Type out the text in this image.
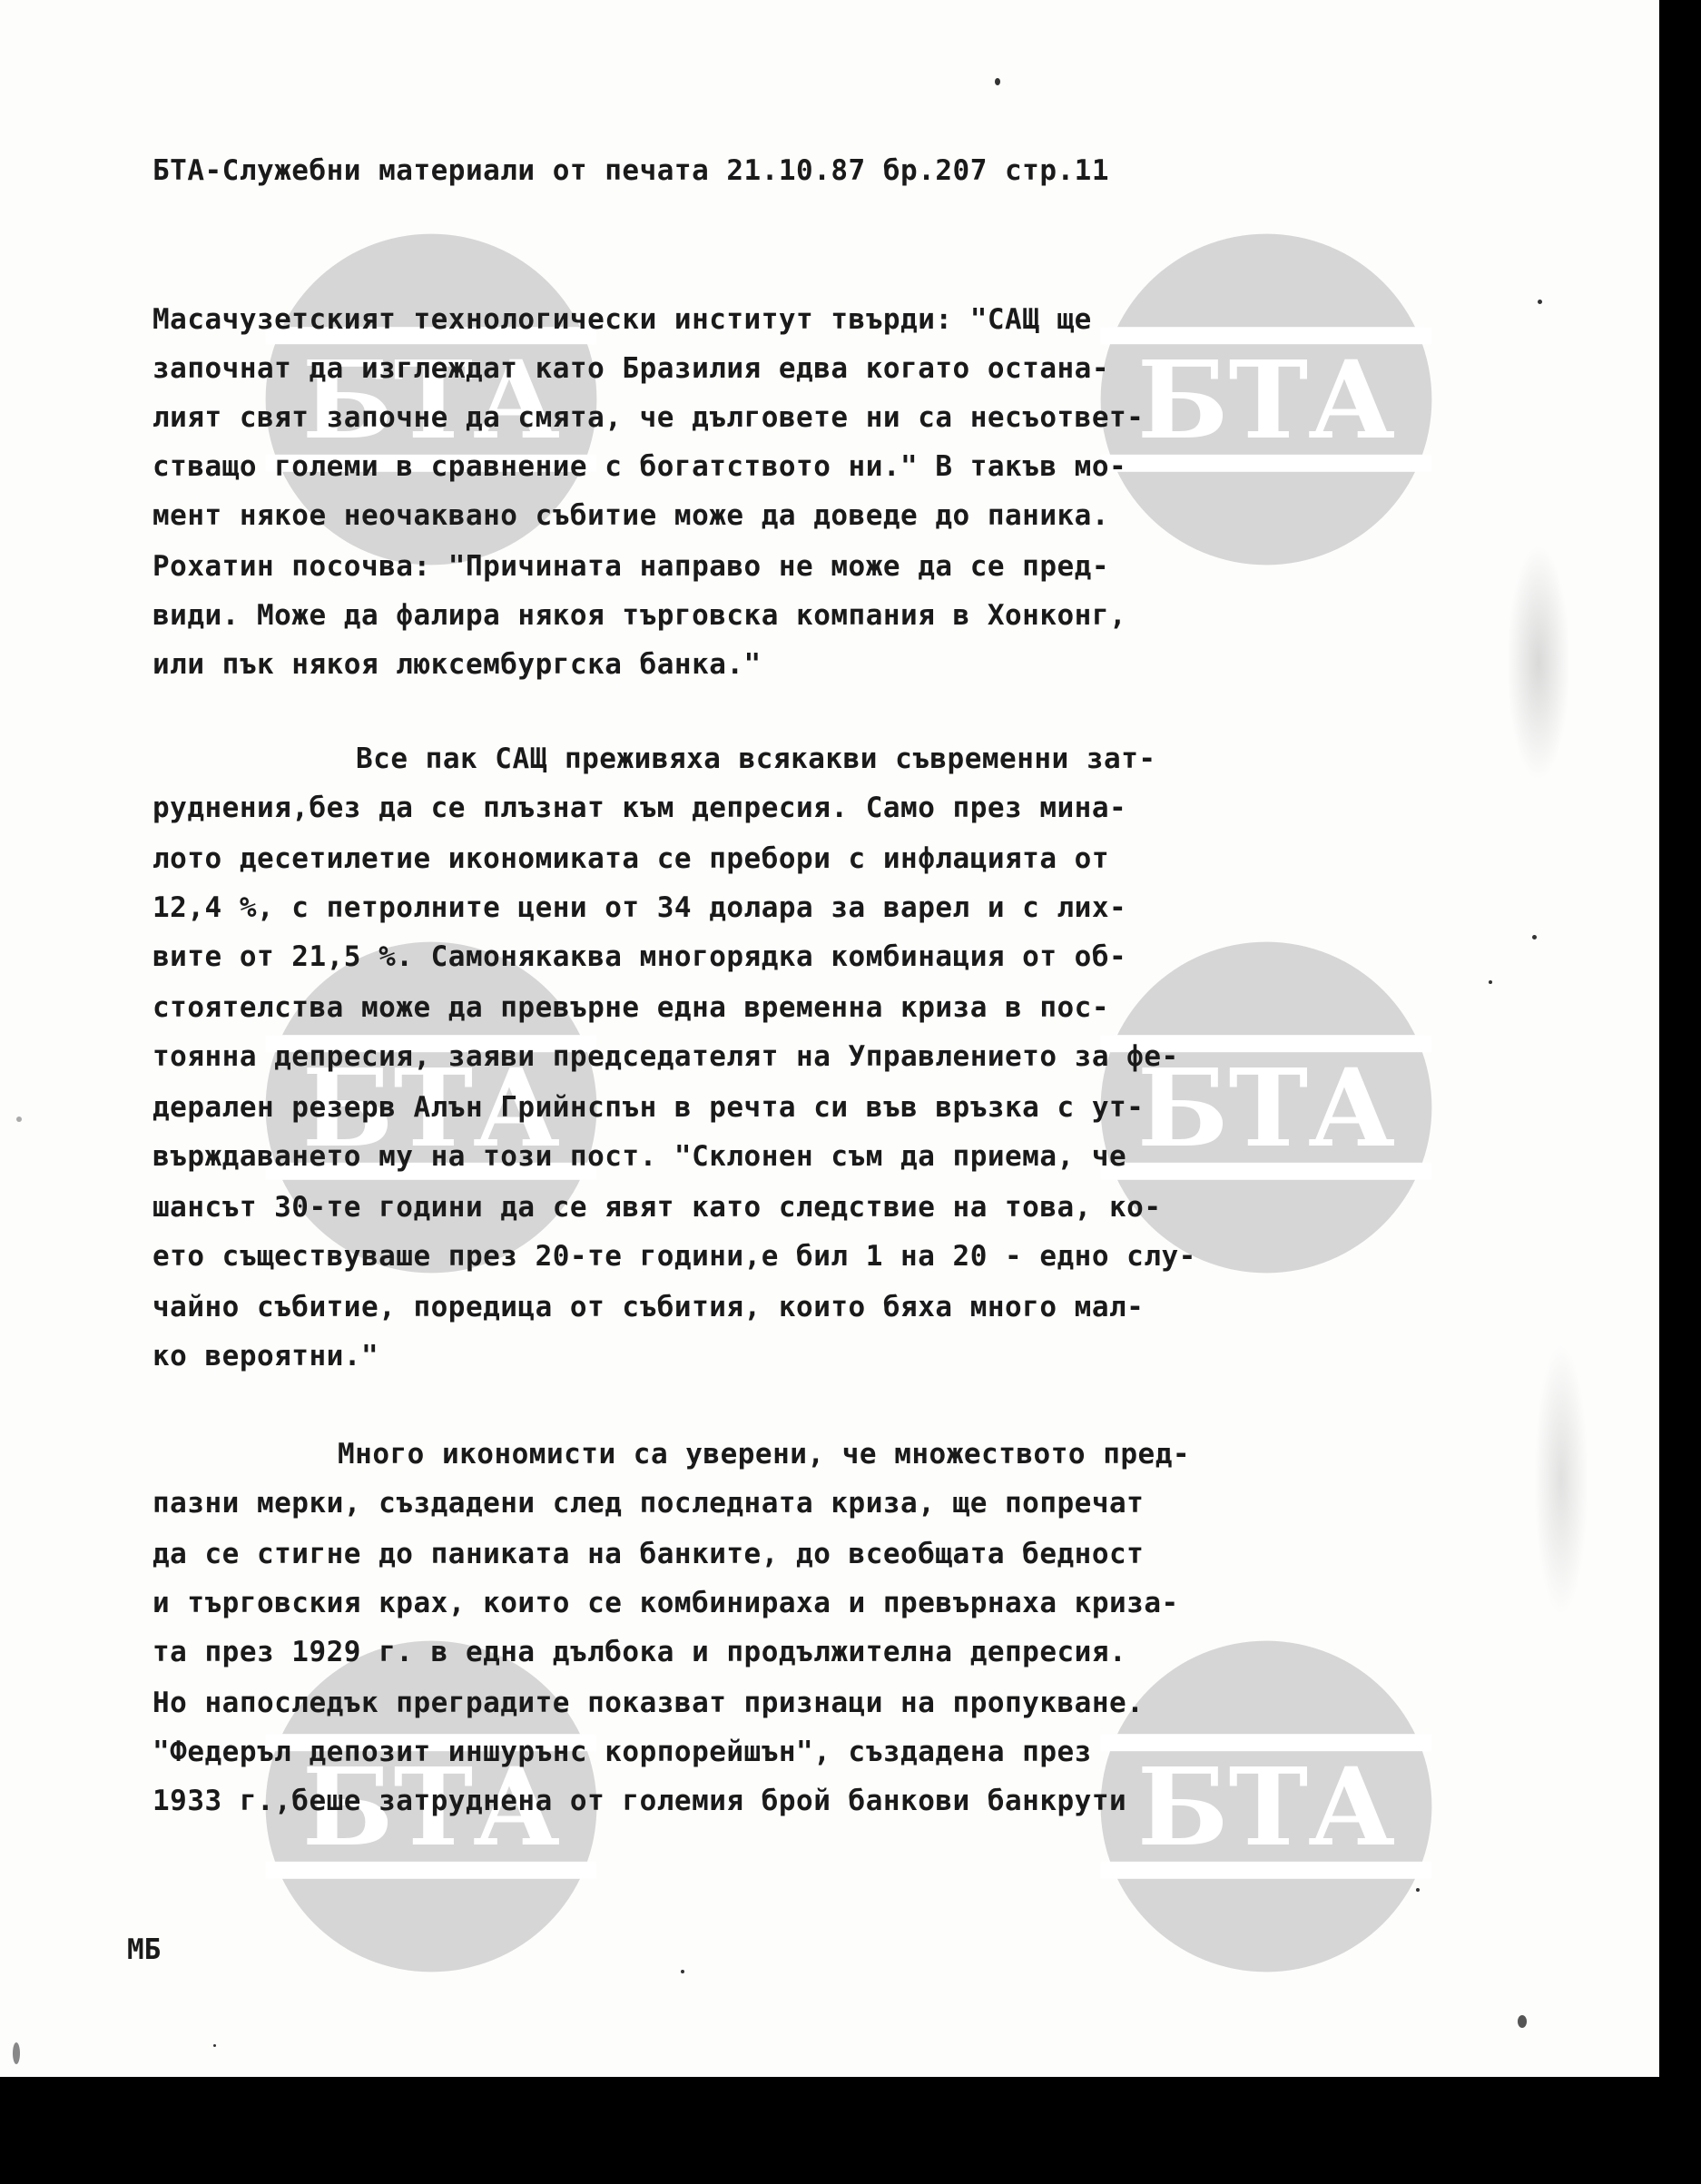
БТА	БТА
БТА	БТА
БТА	БТА

БТА-Служебни материали от печата 21.10.87 бр.207 стр.11

Масачузетският технологически институт твърди: "САЩ ще

започнат да изглеждат като Бразилия едва когато остана-

лият свят започне да смята, че дълговете ни са несъответ-

стващо големи в сравнение с богатството ни." В такъв мо-

мент някое неочаквано събитие може да доведе до паника.

Рохатин посочва: "Причината направо не може да се пред-

види. Може да фалира някоя търговска компания в Хонконг,

или пък някоя люксембургска банка."

Все пак САЩ преживяха всякакви съвременни зат-

руднения,без да се плъзнат към депресия. Само през мина-

лото десетилетие икономиката се пребори с инфлацията от

12,4 %, с петролните цени от 34 долара за варел и с лих-

вите от 21,5 %. Самонякаква многорядка комбинация от об-

стоятелства може да превърне една временна криза в пос-

тоянна депресия, заяви председателят на Управлението за фе-

дерален резерв Алън Грийнспън в речта си във връзка с ут-

върждаването му на този пост. "Склонен съм да приема, че

шансът 30-те години да се явят като следствие на това, ко-

ето съществуваше през 20-те години,е бил 1 на 20 - едно слу-

чайно събитие, поредица от събития, които бяха много мал-

ко вероятни."

Много икономисти са уверени, че множеството пред-

пазни мерки, създадени след последната криза, ще попречат

да се стигне до паниката на банките, до всеобщата бедност

и търговския крах, които се комбинираха и превърнаха криза-

та през 1929 г. в една дълбока и продължителна депресия.

Но напоследък преградите показват признаци на пропукване.

"Федеръл депозит иншурънс корпорейшън", създадена през

1933 г.,беше затруднена от големия брой банкови банкрути

МБ
